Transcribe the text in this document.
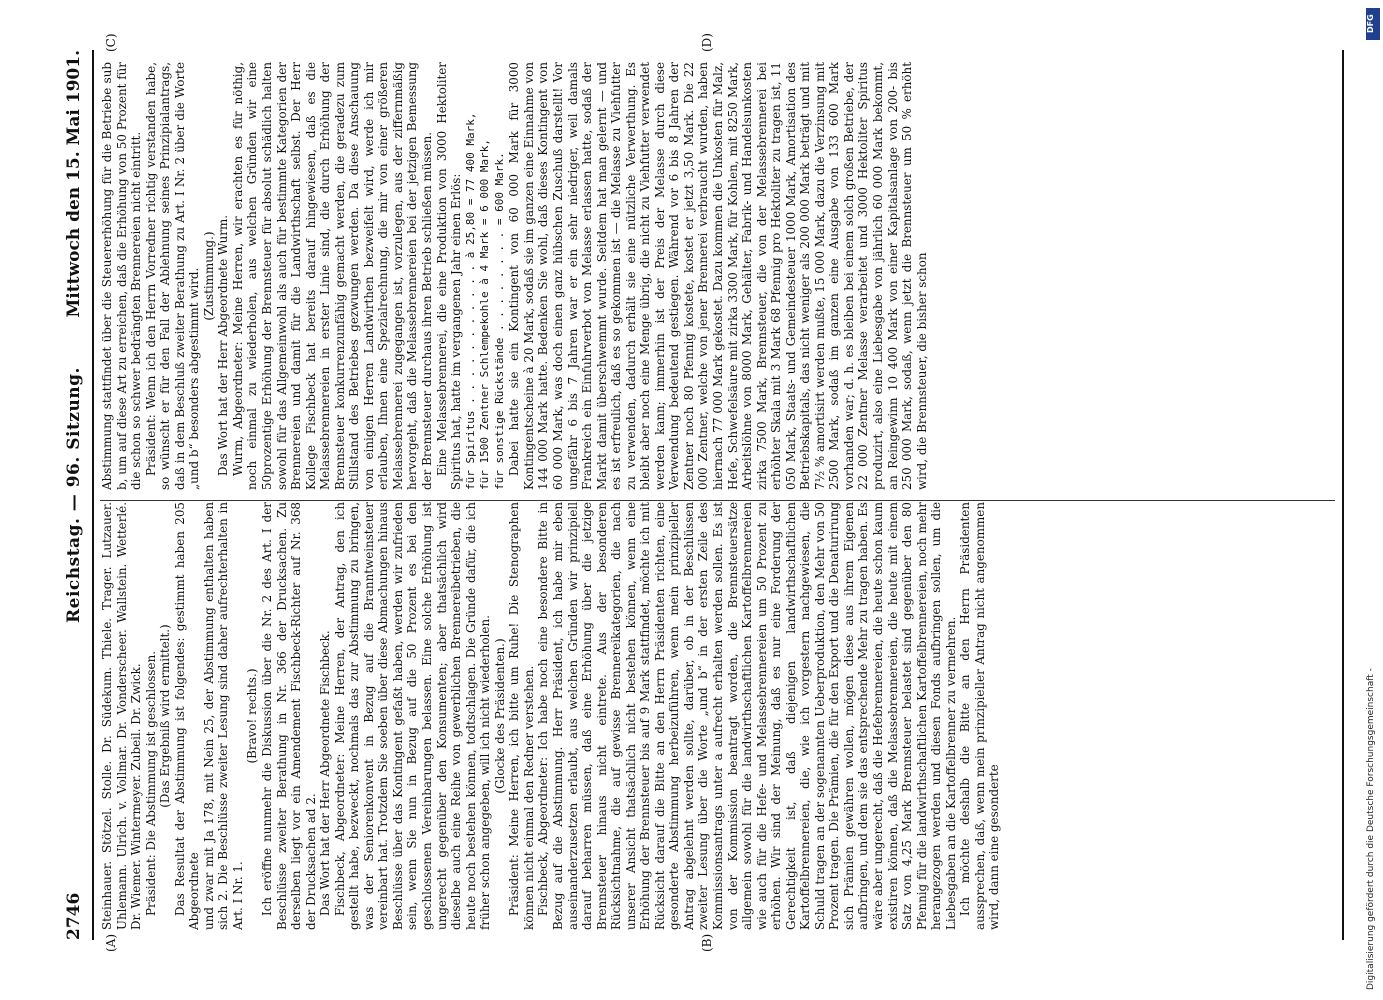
2746
Reichstag. — 96. Sitzung.
Mittwoch den 15. Mai 1901.
(A)	(B)
(C)	(D)

Steinhauer. Stötzel. Stolle. Dr. Südekum. Thiele. Trager. Lutzauer. Uhlemann. Ulrich. v. Vollmar. Dr. Vonderscheer. Wallstein. Wetterlé. Dr. Wiemer. Wintermeyer. Zubeil. Dr. Zwick. Präsident: Die Abstimmung ist geschlossen. (Das Ergebniß wird ermittelt.) Das Resultat der Abstimmung ist folgendes: gestimmt haben 205 Abgeordnete und zwar mit Ja 178, mit Nein 25, der Abstimmung enthalten haben sich 2. Die Beschlüsse zweiter Lesung sind daher aufrechterhalten in Art. I Nr. 1.

(Bravo! rechts.) Ich eröffne nunmehr die Diskussion über die Nr. 2 des Art. I der Beschlüsse zweiter Berathung in Nr. 366 der Drucksachen. Zu derselben liegt vor ein Amendement Fischbeck-Richter auf Nr. 368 der Drucksachen ad 2. Das Wort hat der Herr Abgeordnete Fischbeck. Fischbeck, Abgeordneter: Meine Herren, der Antrag, den ich gestellt habe, bezweckt, nochmals das zur Abstimmung zu bringen, was der Seniorenkonvent in Bezug auf die Branntweinsteuer vereinbart hat. Trotzdem Sie soeben über diese Abmachungen hinaus Beschlüsse über das Kontingent gefaßt haben, werden wir zufrieden sein, wenn Sie nun in Bezug auf die 50 Prozent es bei den geschlossenen Vereinbarungen belassen. Eine solche Erhöhung ist ungerecht gegenüber den Konsumenten; aber thatsächlich wird dieselbe auch eine Reihe von gewerblichen Brennereibetrieben, die heute noch bestehen können, todtschlagen. Die Gründe dafür, die ich früher schon angegeben, will ich nicht wiederholen. (Glocke des Präsidenten.) Präsident: Meine Herren, ich bitte um Ruhe! Die Stenographen können nicht einmal den Redner verstehen. Fischbeck, Abgeordneter: Ich habe noch eine besondere Bitte in Bezug auf die Abstimmung. Herr Präsident, ich habe mir eben auseinanderzusetzen erlaubt, aus welchen Gründen wir prinzipiell darauf beharren müssen, daß eine Erhöhung über die jetzige Brennsteuer hinaus nicht eintrete. Aus der besonderen Rücksichtnahme, die auf gewisse Brennereikategorien, die nach unserer Ansicht thatsächlich nicht bestehen können, wenn eine Erhöhung der Brennsteuer bis auf 9 Mark stattfindet, möchte ich mit Rücksicht darauf die Bitte an den Herrn Präsidenten richten, eine gesonderte Abstimmung herbeizuführen, wenn mein prinzipieller Antrag abgelehnt werden sollte, darüber, ob in der Beschlüssen zweiter Lesung über die Worte „und b“ in der ersten Zeile des Kommissionsantrags unter a aufrecht erhalten werden sollen. Es ist von der Kommission beantragt worden, die Brennsteuersätze allgemein sowohl für die landwirthschaftlichen Kartoffelbrennereien wie auch für die Hefe- und Melassebrennereien um 50 Prozent zu erhöhen. Wir sind der Meinung, daß es nur eine Forderung der Gerechtigkeit ist, daß diejenigen landwirthschaftlichen Kartoffelbrennereien, die, wie ich vorgestern nachgewiesen, die Schuld tragen an der sogenannten Ueberproduktion, den Mehr von 50 Prozent tragen. Die Prämien, die für den Export und die Denaturirung sich Prämien gewähren wollen, mögen diese aus ihrem Eigenen aufbringen, und dem sie das entsprechende Mehr zu tragen haben. Es wäre aber ungerecht, daß die Hefebrennereien, die heute schon kaum existiren können, daß die Melassebrennereien, die heute mit einem Satz von 4,25 Mark Brennsteuer belastet sind gegenüber den 80 Pfennig für die landwirthschaftlichen Kartoffelbrennereien, noch mehr herangezogen werden und diesen Fonds aufbringen sollen, um die Liebesgaben an die Kartoffelbrenner zu vermehren. Ich möchte deshalb die Bitte an den Herrn Präsidenten aussprechen, daß, wenn mein prinzipieller Antrag nicht angenommen wird, dann eine gesonderte

Abstimmung stattfindet über die Steuererhöhung für die Betriebe sub b, um auf diese Art zu erreichen, daß die Erhöhung von 50 Prozent für die schon so schwer bedrängten Brennereien nicht eintritt. Präsident: Wenn ich den Herrn Vorredner richtig verstanden habe, so wünscht er für den Fall der Ablehnung seines Prinzipialantrags, daß in dem Beschluß zweiter Berathung zu Art. I Nr. 2 über die Worte „und b“ besonders abgestimmt wird. (Zustimmung.) Das Wort hat der Herr Abgeordnete Wurm. Wurm, Abgeordneter: Meine Herren, wir erachten es für nöthig, noch einmal zu wiederholen, aus welchen Gründen wir eine 50prozentige Erhöhung der Brennsteuer für absolut schädlich halten sowohl für das Allgemeinwohl als auch für bestimmte Kategorien der Brennereien und damit für die Landwirthschaft selbst. Der Herr Kollege Fischbeck hat bereits darauf hingewiesen, daß es die Melassebrennereien in erster Linie sind, die durch Erhöhung der Brennsteuer konkurrenzunfähig gemacht werden, die geradezu zum Stillstand des Betriebes gezwungen werden. Da diese Anschauung von einigen Herren Landwirthen bezweifelt wird, werde ich mir erlauben, Ihnen eine Spezialrechnung, die mir von einer größeren Melassebrennerei zugegangen ist, vorzulegen, aus der ziffernmäßig hervorgeht, daß die Melassebrennereien bei der jetzigen Bemessung der Brennsteuer durchaus ihren Betrieb schließen müssen. Eine Melassebrennerei, die eine Produktion von 3000 Hektoliter Spiritus hat, hatte im vergangenen Jahr einen Erlös: für Spiritus . . . . . . . . . . . à 25,80 = 77 400 Mark,
für 1500 Zentner Schlempekohle à 4 Mark = 6 000 Mark,
für sonstige Rückstände . . . . . . . . = 600 Mark. Dabei hatte sie ein Kontingent von 60 000 Mark für 3000 Kontingentscheine à 20 Mark, sodaß sie im ganzen eine Einnahme von 144 000 Mark hatte. Bedenken Sie wohl, daß dieses Kontingent von 60 000 Mark, was doch einen ganz hübschen Zuschuß darstellt! Vor ungefähr 6 bis 7 Jahren war er ein sehr niedriger, weil damals Frankreich ein Einfuhrverbot von Melasse erlassen hatte, sodaß der Markt damit überschwemmt wurde. Seitdem hat man gelernt — und es ist erfreulich, daß es so gekommen ist — die Melasse zu Viehfutter zu verwenden, dadurch erhält sie eine nützliche Verwerthung. Es bleibt aber noch eine Menge übrig, die nicht zu Viehfutter verwendet werden kann; immerhin ist der Preis der Melasse durch diese Verwendung bedeutend gestiegen. Während vor 6 bis 8 Jahren der Zentner noch 80 Pfennig kostete, kostet er jetzt 3,50 Mark. Die 22 000 Zentner, welche von jener Brennerei verbraucht wurden, haben hiernach 77 000 Mark gekostet. Dazu kommen die Unkosten für Malz, Hefe, Schwefelsäure mit zirka 3300 Mark, für Kohlen, mit 8250 Mark, Arbeitslöhne von 8000 Mark, Gehälter, Fabrik- und Handelsunkosten zirka 7500 Mark, Brennsteuer, die von der Melassebrennerei bei erhöhter Skala mit 3 Mark 68 Pfennig pro Hektoliter zu tragen ist, 11 050 Mark, Staats- und Gemeindesteuer 1000 Mark, Amortisation des Betriebskapitals, das nicht weniger als 200 000 Mark beträgt und mit 7½ % amortisirt werden mußte, 15 000 Mark, dazu die Verzinsung mit 2500 Mark, sodaß im ganzen eine Ausgabe von 133 600 Mark vorhanden war; d. h. es bleiben bei einem solch großen Betriebe, der 22 000 Zentner Melasse verarbeitet und 3000 Hektoliter Spiritus produzirt, also eine Liebesgabe von jährlich 60 000 Mark bekommt, an Reingewinn 10 400 Mark von einer Kapitalsanlage von 200- bis 250 000 Mark, sodaß, wenn jetzt die Brennsteuer um 50 % erhöht wird, die Brennsteuer, die bisher schon

Digitalisierung gefördert durch die Deutsche Forschungsgemeinschaft -
DFG
